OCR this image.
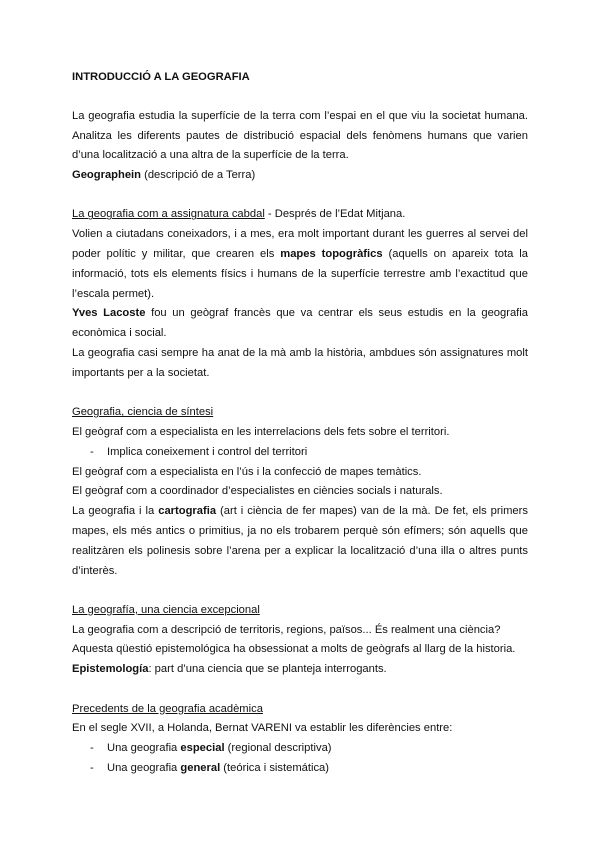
INTRODUCCIÓ A LA GEOGRAFIA

La geografia estudia la superfície de la terra com l’espai en el que viu la societat humana. Analitza les diferents pautes de distribució espacial dels fenòmens humans que varien d’una localització a una altra de la superfície de la terra.

Geographein (descripció de a Terra)

La geografia com a assignatura cabdal - Després de l’Edat Mitjana.

Volien a ciutadans coneixadors, i a mes, era molt important durant les guerres al servei del poder polític y militar, que crearen els mapes topogràfics (aquells on apareix tota la informació, tots els elements físics i humans de la superfície terrestre amb l’exactitud que l’escala permet).

Yves Lacoste fou un geògraf francès que va centrar els seus estudis en la geografia econòmica i social.

La geografia casi sempre ha anat de la mà amb la història, ambdues són assignatures molt importants per a la societat.

Geografia, ciencia de síntesi

El geògraf com a especialista en les interrelacions dels fets sobre el territori.

- Implica coneixement i control del territori

El geògraf com a especialista en l’ús i la confecció de mapes temàtics.

El geògraf com a coordinador d’especialistes en ciències socials i naturals.

La geografia i la cartografia (art i ciència de fer mapes) van de la mà. De fet, els primers mapes, els més antics o primitius, ja no els trobarem perquè són efímers; són aquells que realitzàren els polinesis sobre l’arena per a explicar la localització d’una illa o altres punts d’interès.

La geografía, una ciencia excepcional

La geografia com a descripció de territoris, regions, països... És realment una ciència?

Aquesta qüestió epistemológica ha obsessionat a molts de geògrafs al llarg de la historia.

Epistemología: part d’una ciencia que se planteja interrogants.

Precedents de la geografia acadèmica

En el segle XVII, a Holanda, Bernat VARENI va establir les diferències entre:

- Una geografia especial (regional descriptiva)

- Una geografia general (teórica i sistemática)
